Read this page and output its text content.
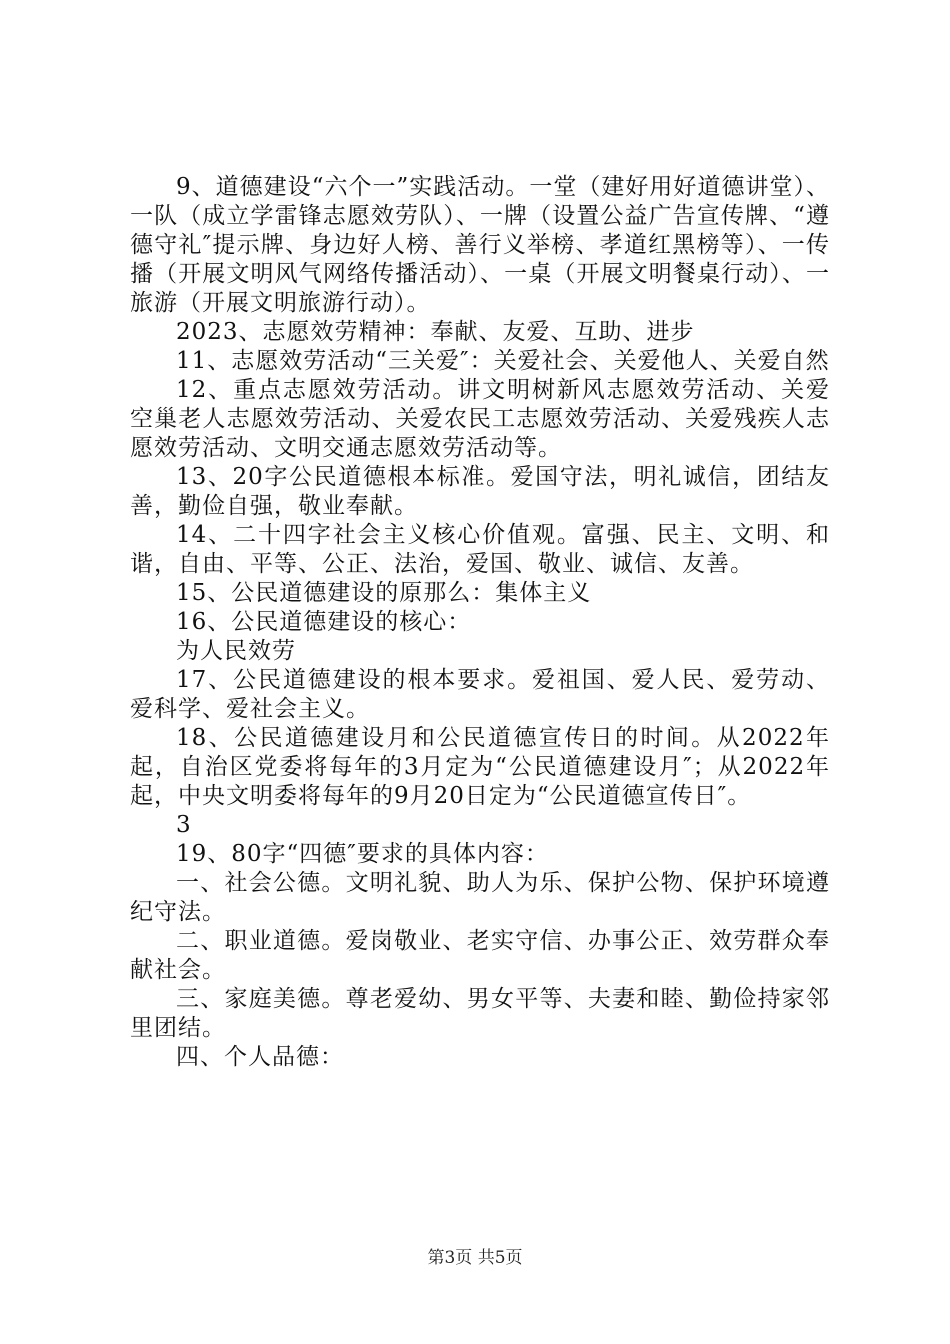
9、道德建设“六个一”实践活动。一堂（建好用好道德讲堂）、一队（成立学雷锋志愿效劳队）、一牌（设置公益广告宣传牌、“遵德守礼″提示牌、身边好人榜、善行义举榜、孝道红黑榜等）、一传播（开展文明风气网络传播活动）、一桌（开展文明餐桌行动）、一旅游（开展文明旅游行动）。

2023、志愿效劳精神：奉献、友爱、互助、进步

11、志愿效劳活动“三关爱″：关爱社会、关爱他人、关爱自然

12、重点志愿效劳活动。讲文明树新风志愿效劳活动、关爱空巢老人志愿效劳活动、关爱农民工志愿效劳活动、关爱残疾人志愿效劳活动、文明交通志愿效劳活动等。

13、20字公民道德根本标准。爱国守法，明礼诚信，团结友善，勤俭自强，敬业奉献。

14、二十四字社会主义核心价值观。富强、民主、文明、和谐，自由、平等、公正、法治，爱国、敬业、诚信、友善。

15、公民道德建设的原那么：集体主义

16、公民道德建设的核心：

为人民效劳

17、公民道德建设的根本要求。爱祖国、爱人民、爱劳动、爱科学、爱社会主义。

18、公民道德建设月和公民道德宣传日的时间。从2022年起，自治区党委将每年的3月定为“公民道德建设月″；从2022年起，中央文明委将每年的9月20日定为“公民道德宣传日″。

3

19、80字“四德″要求的具体内容：

一、社会公德。文明礼貌、助人为乐、保护公物、保护环境遵纪守法。

二、职业道德。爱岗敬业、老实守信、办事公正、效劳群众奉献社会。

三、家庭美德。尊老爱幼、男女平等、夫妻和睦、勤俭持家邻里团结。

四、个人品德：

第3页 共5页
